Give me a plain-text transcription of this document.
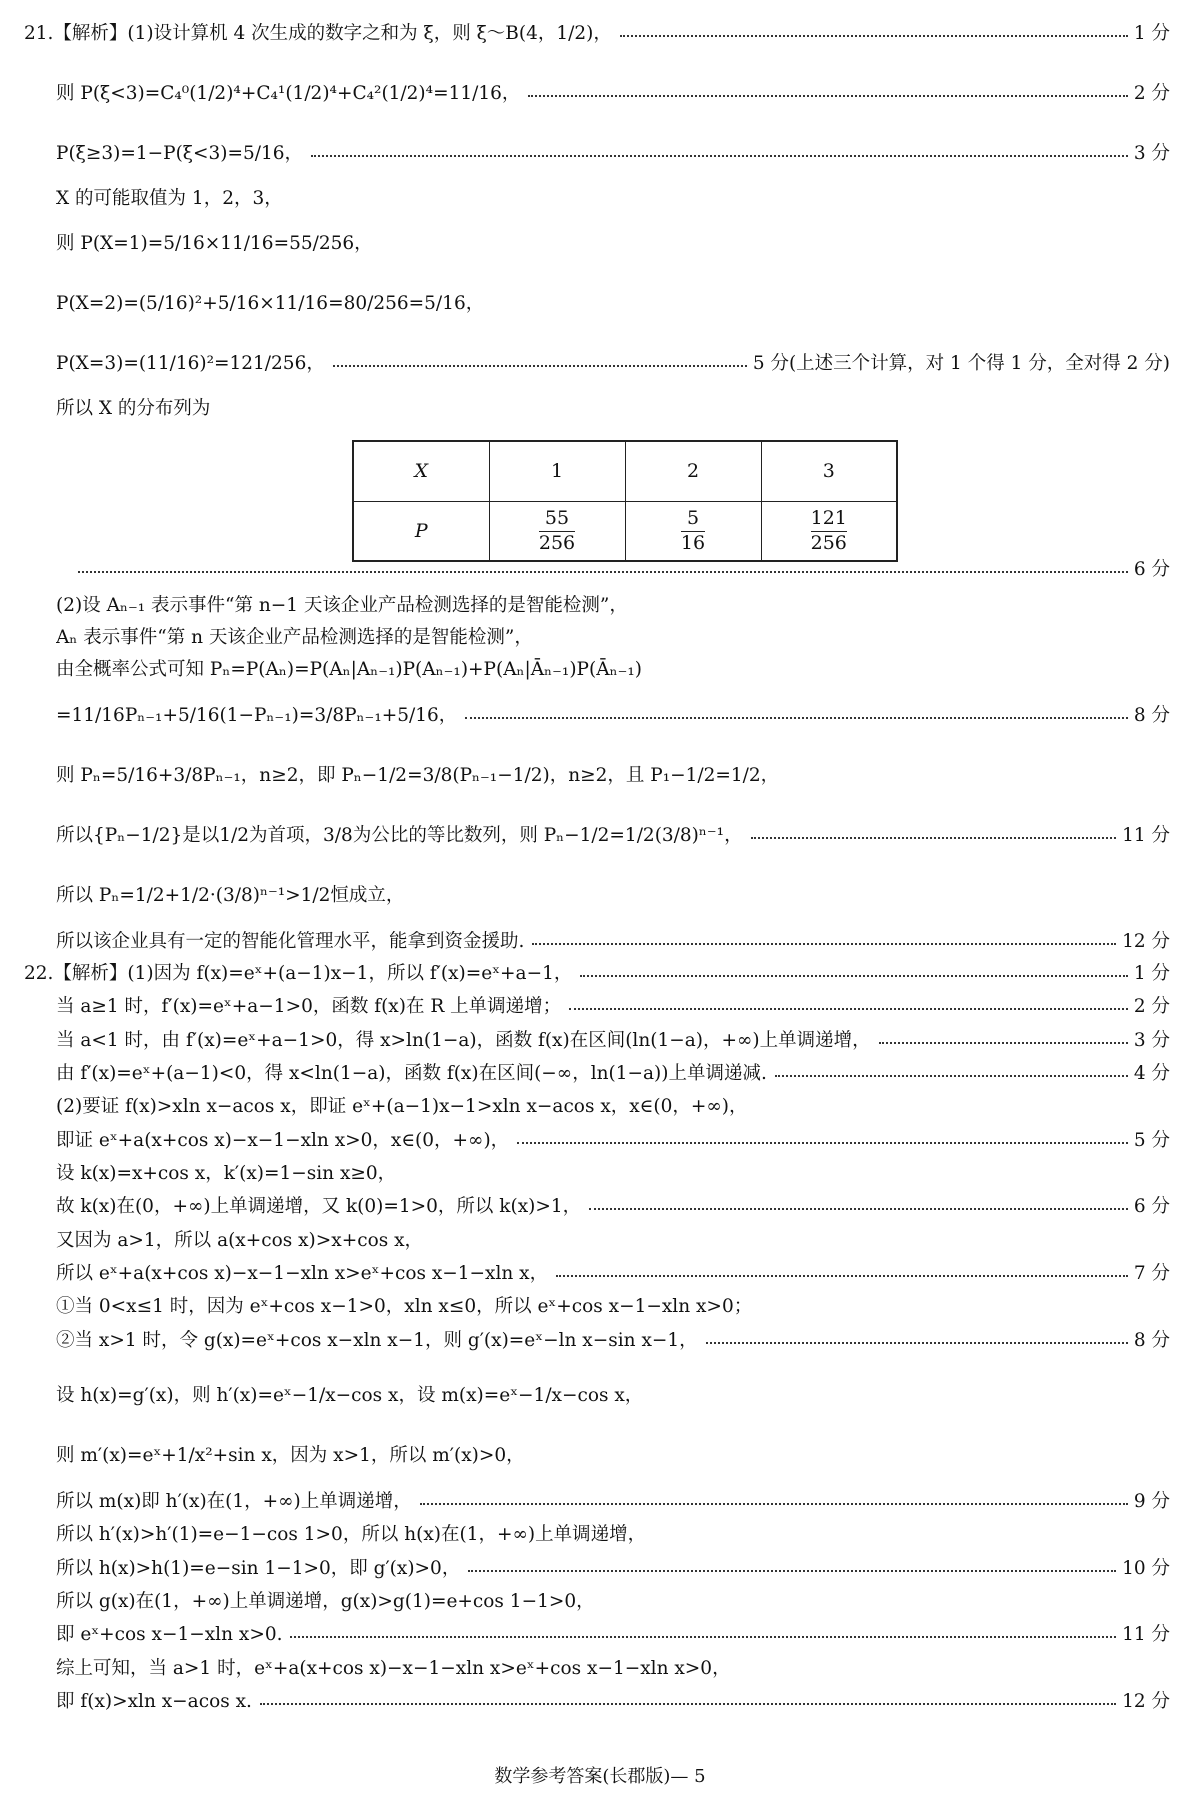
21.【解析】(1)设计算机 4 次生成的数字之和为 ξ，则 ξ～B(4，1/2)，	1 分
则 P(ξ<3)=C₄⁰(1/2)⁴+C₄¹(1/2)⁴+C₄²(1/2)⁴=11/16，	2 分
P(ξ≥3)=1−P(ξ<3)=5/16，	3 分
X 的可能取值为 1，2，3，
则 P(X=1)=5/16×11/16=55/256，
P(X=2)=(5/16)²+5/16×11/16=80/256=5/16，
P(X=3)=(11/16)²=121/256，	5 分(上述三个计算，对 1 个得 1 分，全对得 2 分)
所以 X 的分布列为
6 分
(2)设 Aₙ₋₁ 表示事件“第 n−1 天该企业产品检测选择的是智能检测”，
Aₙ 表示事件“第 n 天该企业产品检测选择的是智能检测”，
由全概率公式可知 Pₙ=P(Aₙ)=P(Aₙ|Aₙ₋₁)P(Aₙ₋₁)+P(Aₙ|Āₙ₋₁)P(Āₙ₋₁)
=11/16Pₙ₋₁+5/16(1−Pₙ₋₁)=3/8Pₙ₋₁+5/16，	8 分
则 Pₙ=5/16+3/8Pₙ₋₁，n≥2，即 Pₙ−1/2=3/8(Pₙ₋₁−1/2)，n≥2，且 P₁−1/2=1/2，
所以{Pₙ−1/2}是以1/2为首项，3/8为公比的等比数列，则 Pₙ−1/2=1/2(3/8)ⁿ⁻¹，	11 分
所以 Pₙ=1/2+1/2·(3/8)ⁿ⁻¹>1/2恒成立，
所以该企业具有一定的智能化管理水平，能拿到资金援助.	12 分
22.【解析】(1)因为 f(x)=eˣ+(a−1)x−1，所以 f′(x)=eˣ+a−1，	1 分
当 a≥1 时，f′(x)=eˣ+a−1>0，函数 f(x)在 R 上单调递增；	2 分
当 a<1 时，由 f′(x)=eˣ+a−1>0，得 x>ln(1−a)，函数 f(x)在区间(ln(1−a)，+∞)上单调递增，	3 分
由 f′(x)=eˣ+(a−1)<0，得 x<ln(1−a)，函数 f(x)在区间(−∞，ln(1−a))上单调递减.	4 分
(2)要证 f(x)>xln x−acos x，即证 eˣ+(a−1)x−1>xln x−acos x，x∈(0，+∞)，
即证 eˣ+a(x+cos x)−x−1−xln x>0，x∈(0，+∞)，	5 分
设 k(x)=x+cos x，k′(x)=1−sin x≥0，
故 k(x)在(0，+∞)上单调递增，又 k(0)=1>0，所以 k(x)>1，	6 分
又因为 a>1，所以 a(x+cos x)>x+cos x，
所以 eˣ+a(x+cos x)−x−1−xln x>eˣ+cos x−1−xln x，	7 分
①当 0<x≤1 时，因为 eˣ+cos x−1>0，xln x≤0，所以 eˣ+cos x−1−xln x>0；
②当 x>1 时，令 g(x)=eˣ+cos x−xln x−1，则 g′(x)=eˣ−ln x−sin x−1，	8 分
设 h(x)=g′(x)，则 h′(x)=eˣ−1/x−cos x，设 m(x)=eˣ−1/x−cos x，
则 m′(x)=eˣ+1/x²+sin x，因为 x>1，所以 m′(x)>0，
所以 m(x)即 h′(x)在(1，+∞)上单调递增，	9 分
所以 h′(x)>h′(1)=e−1−cos 1>0，所以 h(x)在(1，+∞)上单调递增，
所以 h(x)>h(1)=e−sin 1−1>0，即 g′(x)>0，	10 分
所以 g(x)在(1，+∞)上单调递增，g(x)>g(1)=e+cos 1−1>0，
即 eˣ+cos x−1−xln x>0.	11 分
综上可知，当 a>1 时，eˣ+a(x+cos x)−x−1−xln x>eˣ+cos x−1−xln x>0，
即 f(x)>xln x−acos x.	12 分
X	1	2	3
P	$\frac{55}{256}$	$\frac{5}{16}$	$\frac{121}{256}$
数学参考答案(长郡版)— 5
